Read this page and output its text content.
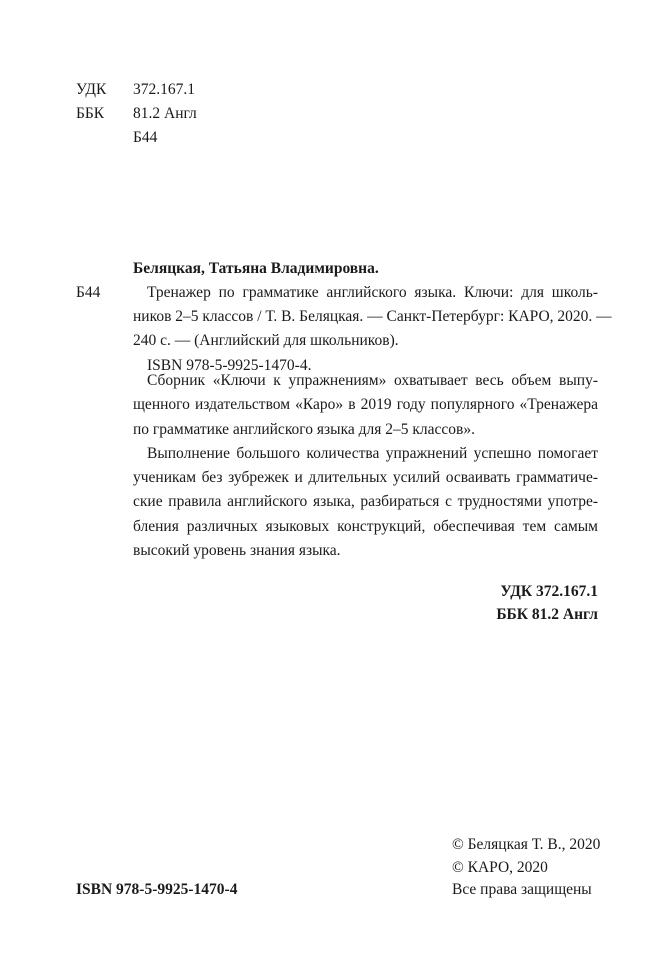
УДК 372.167.1
ББК 81.2 Англ
Б44
Беляцкая, Татьяна Владимировна.
Б44	Тренажер по грамматике английского языка. Ключи: для школь-
ников 2–5 классов / Т. В. Беляцкая. — Санкт-Петербург: КАРО, 2020. —
240 с. — (Английский для школьников).
ISBN 978-5-9925-1470-4.
Сборник «Ключи к упражнениям» охватывает весь объем выпу-
щенного издательством «Каро» в 2019 году популярного «Тренажера
по грамматике английского языка для 2–5 классов».
Выполнение большого количества упражнений успешно помогает
ученикам без зубрежек и длительных усилий осваивать грамматиче-
ские правила английского языка, разбираться с трудностями употре-
бления различных языковых конструкций, обеспечивая тем самым
высокий уровень знания языка.
УДК 372.167.1
ББК 81.2 Англ
© Беляцкая Т. В., 2020
© КАРО, 2020
ISBN 978-5-9925-1470-4	Все права защищены
